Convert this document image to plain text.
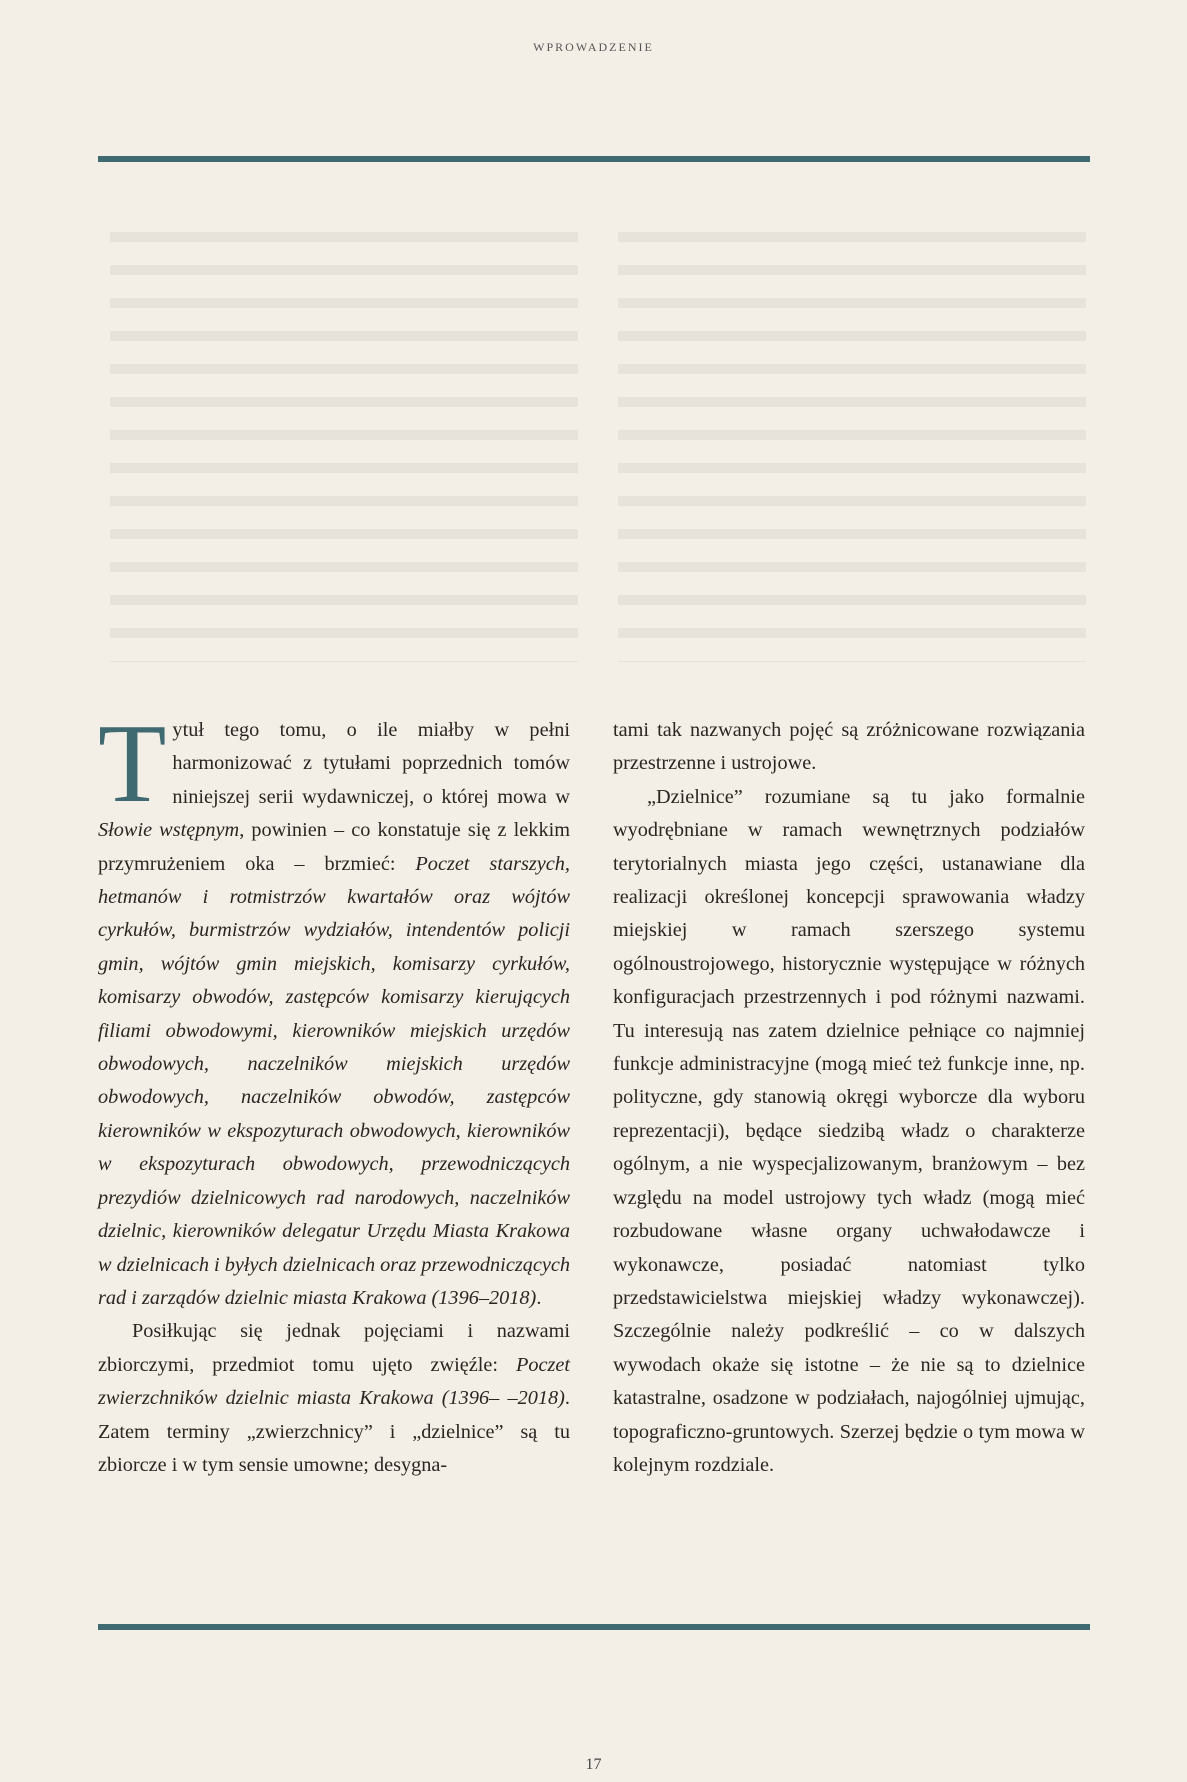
WPROWADZENIE

Tytuł tego tomu, o ile miałby w pełni harmonizować z tytułami poprzednich tomów niniejszej serii wydawniczej, o której mowa w Słowie wstępnym, powinien – co konstatuje się z lekkim przymrużeniem oka – brzmieć: Poczet starszych, hetmanów i rotmistrzów kwartałów oraz wójtów cyrkułów, burmistrzów wydziałów, intendentów policji gmin, wójtów gmin miejskich, komisarzy cyrkułów, komisarzy obwodów, zastępców komisarzy kierujących filiami obwodowymi, kierowników miejskich urzędów obwodowych, naczelników miejskich urzędów obwodowych, naczelników obwodów, zastępców kierowników w ekspozyturach obwodowych, kierowników w ekspozyturach obwodowych, przewodniczących prezydiów dzielnicowych rad narodowych, naczelników dzielnic, kierowników delegatur Urzędu Miasta Krakowa w dzielnicach i byłych dzielnicach oraz przewodniczących rad i zarządów dzielnic miasta Krakowa (1396–2018).

Posiłkując się jednak pojęciami i nazwami zbiorczymi, przedmiot tomu ujęto zwięźle: Poczet zwierzchników dzielnic miasta Krakowa (1396– –2018). Zatem terminy „zwierzchnicy” i „dzielnice” są tu zbiorcze i w tym sensie umowne; desygna-

tami tak nazwanych pojęć są zróżnicowane rozwiązania przestrzenne i ustrojowe.

„Dzielnice” rozumiane są tu jako formalnie wyodrębniane w ramach wewnętrznych podziałów terytorialnych miasta jego części, ustanawiane dla realizacji określonej koncepcji sprawowania władzy miejskiej w ramach szerszego systemu ogólnoustrojowego, historycznie występujące w różnych konfiguracjach przestrzennych i pod różnymi nazwami. Tu interesują nas zatem dzielnice pełniące co najmniej funkcje administracyjne (mogą mieć też funkcje inne, np. polityczne, gdy stanowią okręgi wyborcze dla wyboru reprezentacji), będące siedzibą władz o charakterze ogólnym, a nie wyspecjalizowanym, branżowym – bez względu na model ustrojowy tych władz (mogą mieć rozbudowane własne organy uchwałodawcze i wykonawcze, posiadać natomiast tylko przedstawicielstwa miejskiej władzy wykonawczej). Szczególnie należy podkreślić – co w dalszych wywodach okaże się istotne – że nie są to dzielnice katastralne, osadzone w podziałach, najogólniej ujmując, topograficzno-gruntowych. Szerzej będzie o tym mowa w kolejnym rozdziale.

17
